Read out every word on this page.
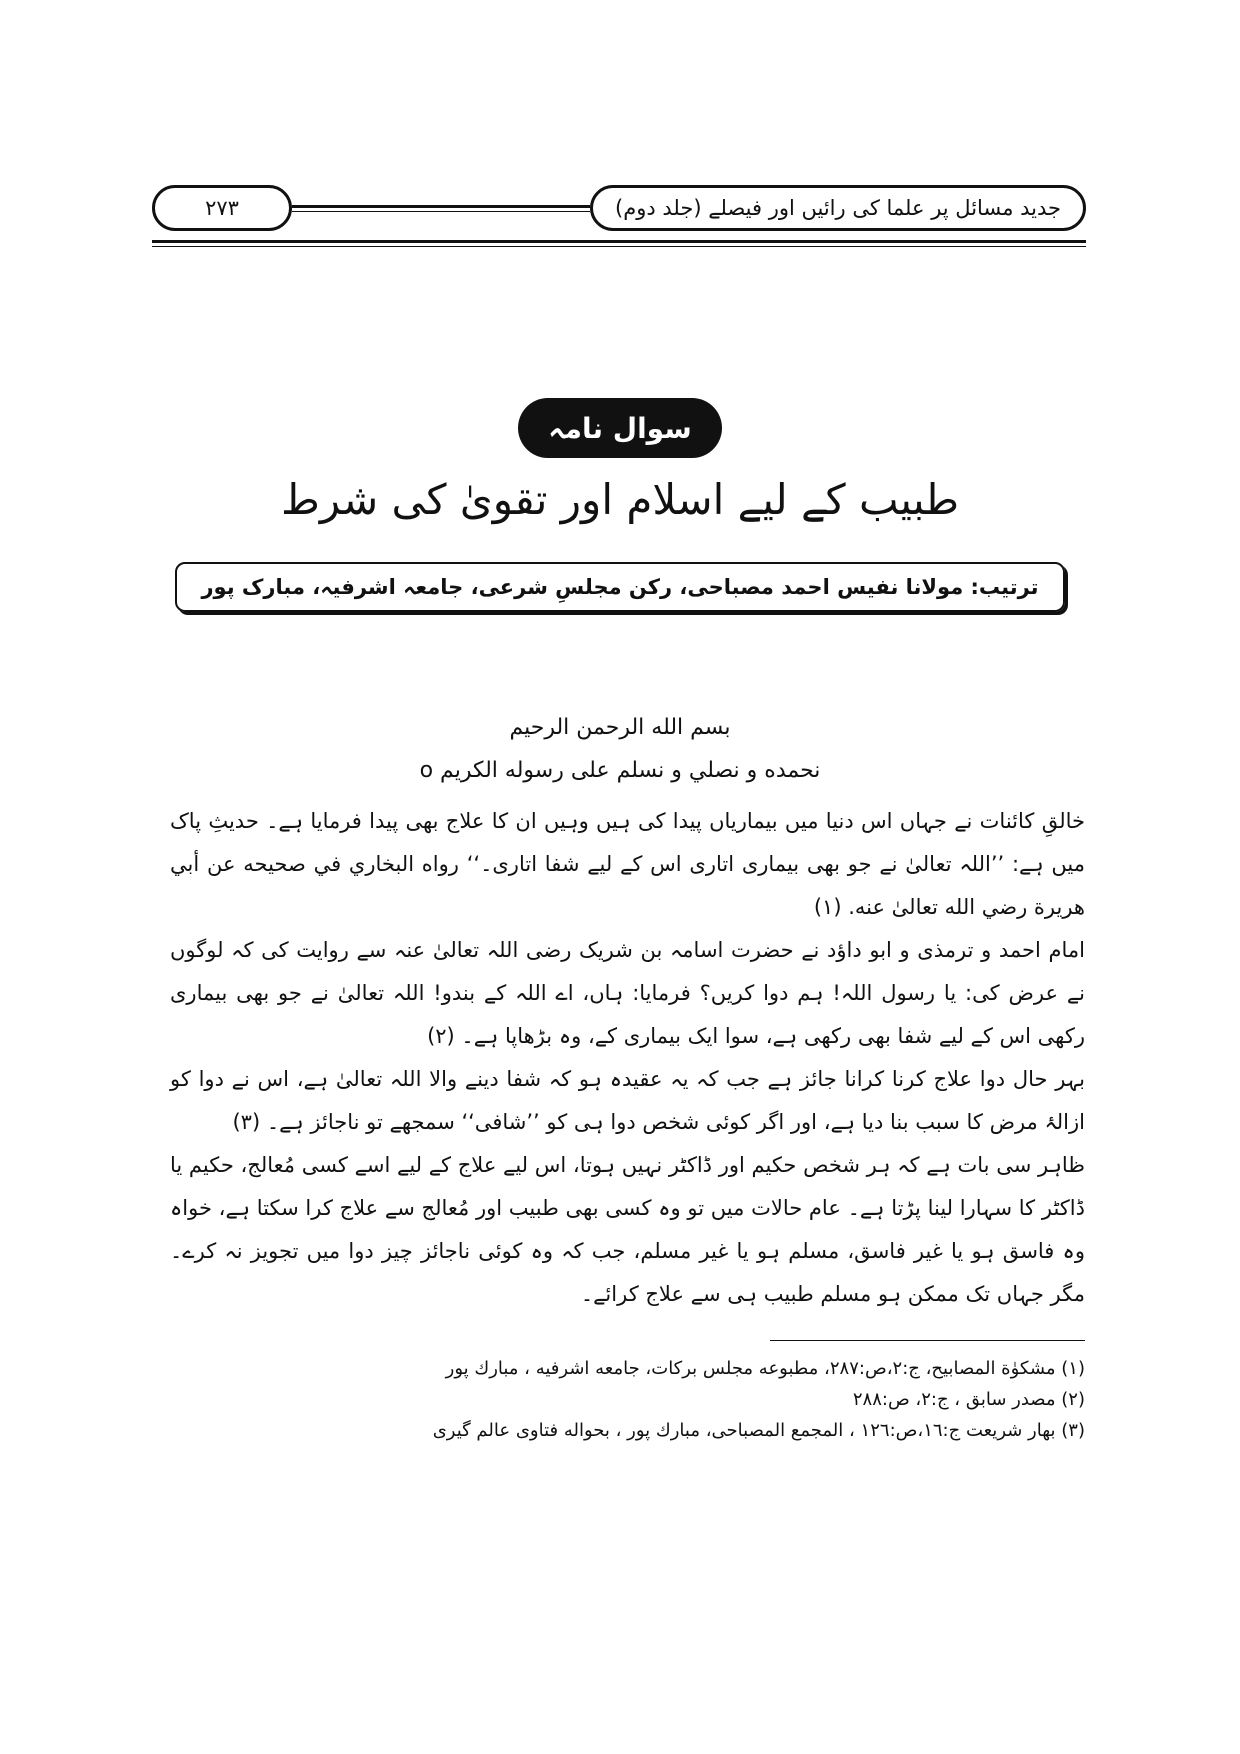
جدید مسائل پر علما کی رائیں اور فیصلے (جلد دوم)
۲۷۳
سوال نامہ
طبیب کے لیے اسلام اور تقویٰ کی شرط
ترتیب: مولانا نفیس احمد مصباحی، رکن مجلسِ شرعی، جامعہ اشرفیہ، مبارک پور
بسم الله الرحمن الرحيم
نحمده و نصلي و نسلم على رسوله الكريم o

خالقِ کائنات نے جہاں اس دنیا میں بیماریاں پیدا کی ہیں وہیں ان کا علاج بھی پیدا فرمایا ہے۔ حدیثِ پاک میں ہے: ’’اللہ تعالیٰ نے جو بھی بیماری اتاری اس کے لیے شفا اتاری۔‘‘ رواه البخاري في صحيحه عن أبي هريرة رضي الله تعالىٰ عنه. (۱)

امام احمد و ترمذی و ابو داؤد نے حضرت اسامہ بن شریک رضی اللہ تعالیٰ عنہ سے روایت کی کہ لوگوں نے عرض کی: یا رسول اللہ! ہم دوا کریں؟ فرمایا: ہاں، اے اللہ کے بندو! اللہ تعالیٰ نے جو بھی بیماری رکھی اس کے لیے شفا بھی رکھی ہے، سوا ایک بیماری کے، وہ بڑھاپا ہے۔ (۲)

بہر حال دوا علاج کرنا کرانا جائز ہے جب کہ یہ عقیدہ ہو کہ شفا دینے والا اللہ تعالیٰ ہے، اس نے دوا کو ازالۂ مرض کا سبب بنا دیا ہے، اور اگر کوئی شخص دوا ہی کو ’’شافی‘‘ سمجھے تو ناجائز ہے۔ (۳)

ظاہر سی بات ہے کہ ہر شخص حکیم اور ڈاکٹر نہیں ہوتا، اس لیے علاج کے لیے اسے کسی مُعالج، حکیم یا ڈاکٹر کا سہارا لینا پڑتا ہے۔ عام حالات میں تو وہ کسی بھی طبیب اور مُعالج سے علاج کرا سکتا ہے، خواہ وہ فاسق ہو یا غیر فاسق، مسلم ہو یا غیر مسلم، جب کہ وہ کوئی ناجائز چیز دوا میں تجویز نہ کرے۔ مگر جہاں تک ممکن ہو مسلم طبیب ہی سے علاج کرائے۔

(۱) مشكوٰة المصابيح، ج:۲،ص:۲۸۷، مطبوعه مجلس بركات، جامعه اشرفيه ، مبارك پور
(۲) مصدر سابق ، ج:۲، ص:۲۸۸
(۳) بهار شريعت ج:۱٦،ص:۱۲٦ ، المجمع المصباحى، مبارك پور ، بحواله فتاوى عالم گيرى
